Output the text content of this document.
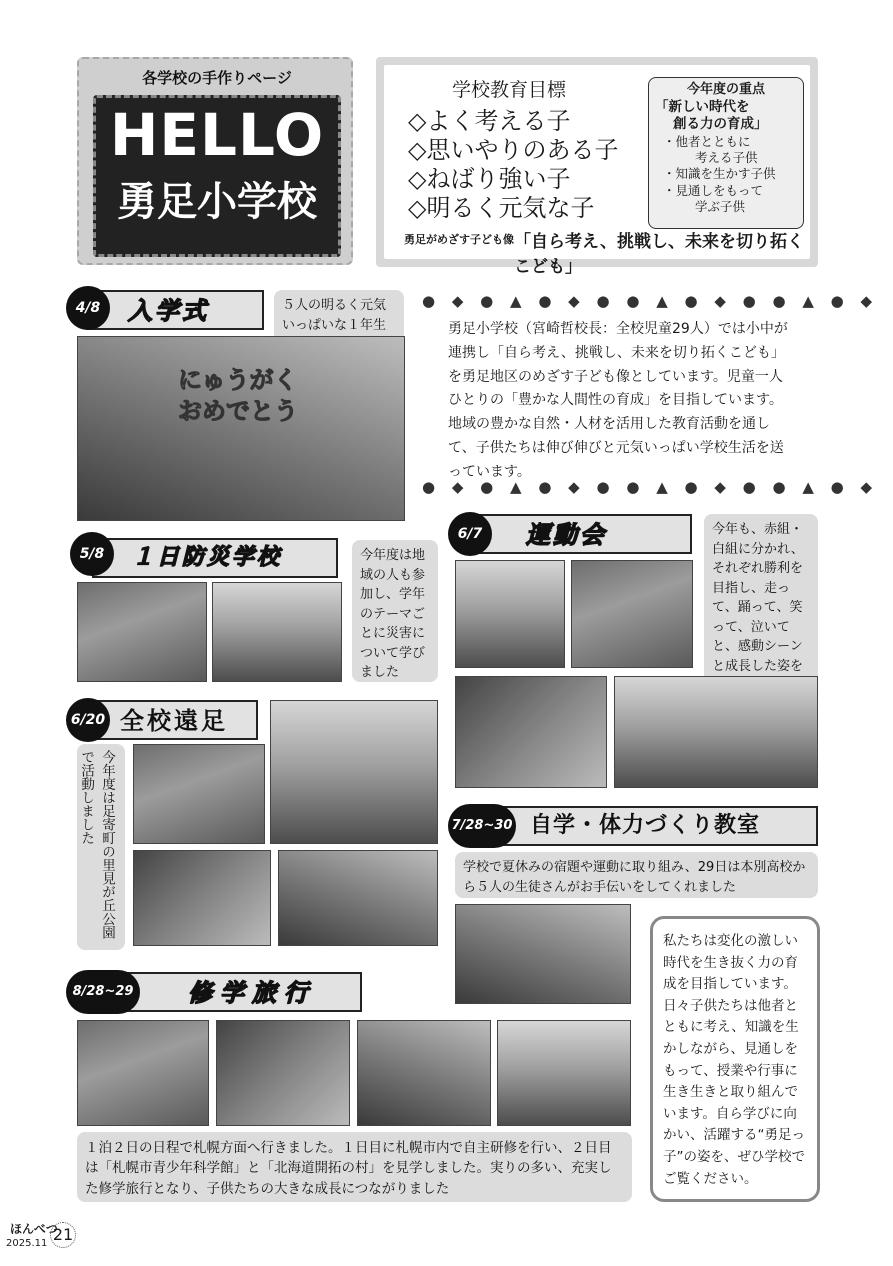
各学校の手作りページ
HELLO
勇足小学校
学校教育目標
◇よく考える子
◇思いやりのある子
◇ねばり強い子
◇明るく元気な子
今年度の重点
「新しい時代を
創る力の育成」
・他者とともに
考える子供
・知識を生かす子供
・見通しをもって
学ぶ子供
勇足がめざす子ども像 「自ら考え、挑戦し、未来を切り拓くこども」
入学式
4/8	５人の明るく元気いっぱいな１年生
にゅうがく おめでとう
● ◆ ● ▲ ● ◆ ● ● ▲ ● ◆ ● ● ▲ ● ◆
勇足小学校（宮崎哲校長：全校児童29人）では小中が連携し「自ら考え、挑戦し、未来を切り拓くこども」を勇足地区のめざす子ども像としています。児童一人ひとりの「豊かな人間性の育成」を目指しています。地域の豊かな自然・人材を活用した教育活動を通して、子供たちは伸び伸びと元気いっぱい学校生活を送っています。
● ◆ ● ▲ ● ◆ ● ● ▲ ● ◆ ● ● ▲ ● ◆
１日防災学校
5/8	今年度は地域の人も参加し、学年のテーマごとに災害について学びました
運動会
6/7	今年も、赤組・白組に分かれ、それぞれ勝利を目指し、走って、踊って、笑って、泣いてと、感動シーンと成長した姿を
全校遠足
6/20
今年度は足寄町の里見が丘公園で活動しました	自学・体力づくり教室
7/28~30
学校で夏休みの宿題や運動に取り組み、29日は本別高校から５人の生徒さんがお手伝いをしてくれました
私たちは変化の激しい時代を生き抜く力の育成を目指しています。日々子供たちは他者とともに考え、知識を生かしながら、見通しをもって、授業や行事に生き生きと取り組んでいます。自ら学びに向かい、活躍する“勇足っ子”の姿を、ぜひ学校でご覧ください。
修学旅行
8/28~29
１泊２日の日程で札幌方面へ行きました。１日目に札幌市内で自主研修を行い、２日目は「札幌市青少年科学館」と「北海道開拓の村」を見学しました。実りの多い、充実した修学旅行となり、子供たちの大きな成長につながりました
ほんべつ
2025.11 21
